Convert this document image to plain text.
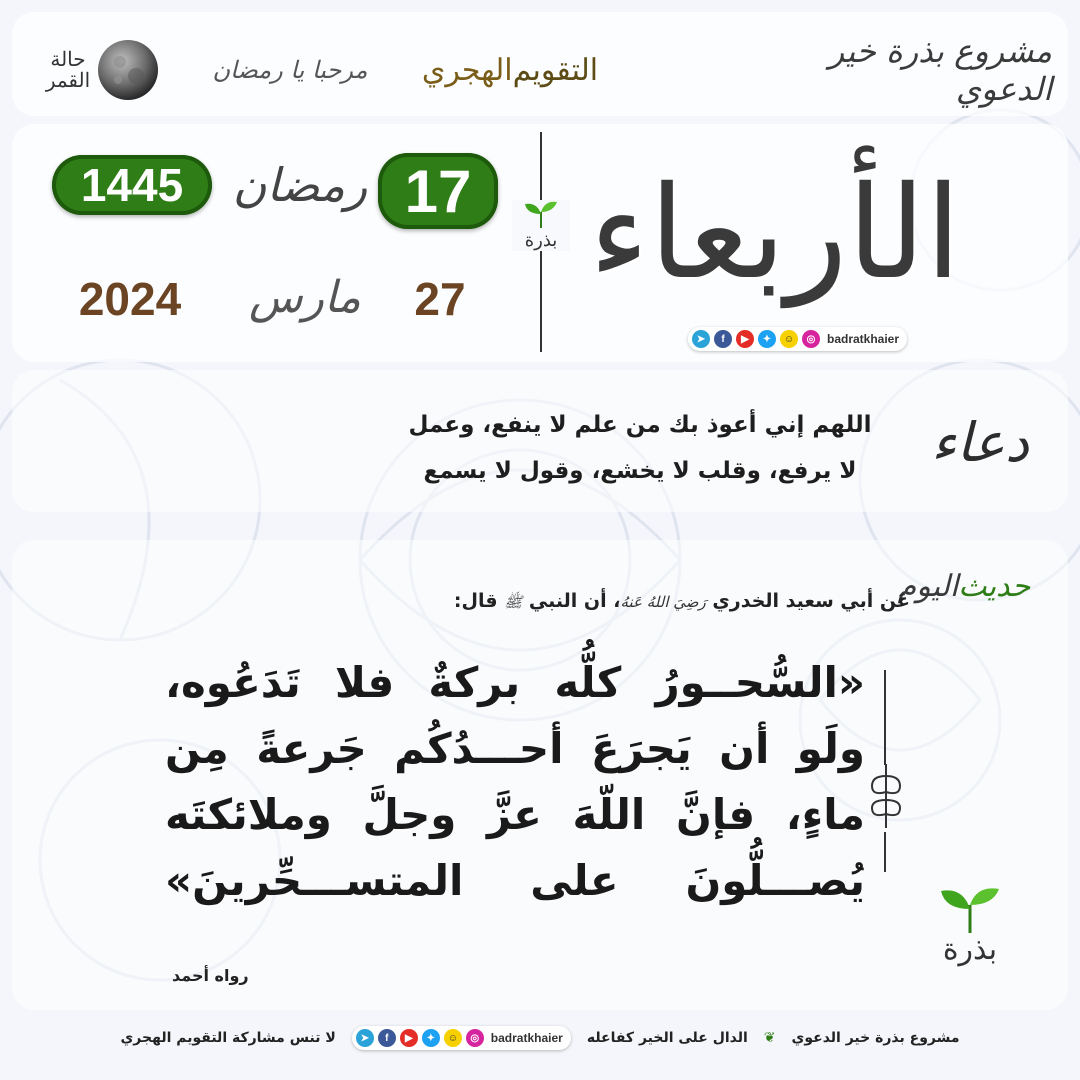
مشروع بذرة خير الدعوي
التقويم
الهجري
مرحبا يا رمضان
حالة
القمر
الأربعاء
بذرة
17
رمضان
1445
27
مارس
2024
➤	f	▶	✦	☺	◎ badratkhaier
دعاء
اللهم إني أعوذ بك من علم لا ينفع، وعمل
لا يرفع، وقلب لا يخشع، وقول لا يسمع
حديث
اليوم
عَن أبي سعيد الخدري رَضِيَ اللهُ عَنهُ، أن النبي ﷺ قال:
«السُّحــورُ كلُّه بركةٌ فلا تَدَعُوه،
ولَو أن يَجرَعَ أحـــدُكُم جَرعةً مِن
ماءٍ، فإنَّ اللّهَ عزَّ وجلَّ وملائكتَه
يُصـــلُّونَ على المتســـحِّرينَ»
رواه أحمد
بذرة
مشروع بذرة خير الدعوي
❦
الدال على الخير كفاعله
➤	f	▶	✦	☺	◎ badratkhaier
لا تنس مشاركة التقويم الهجري
